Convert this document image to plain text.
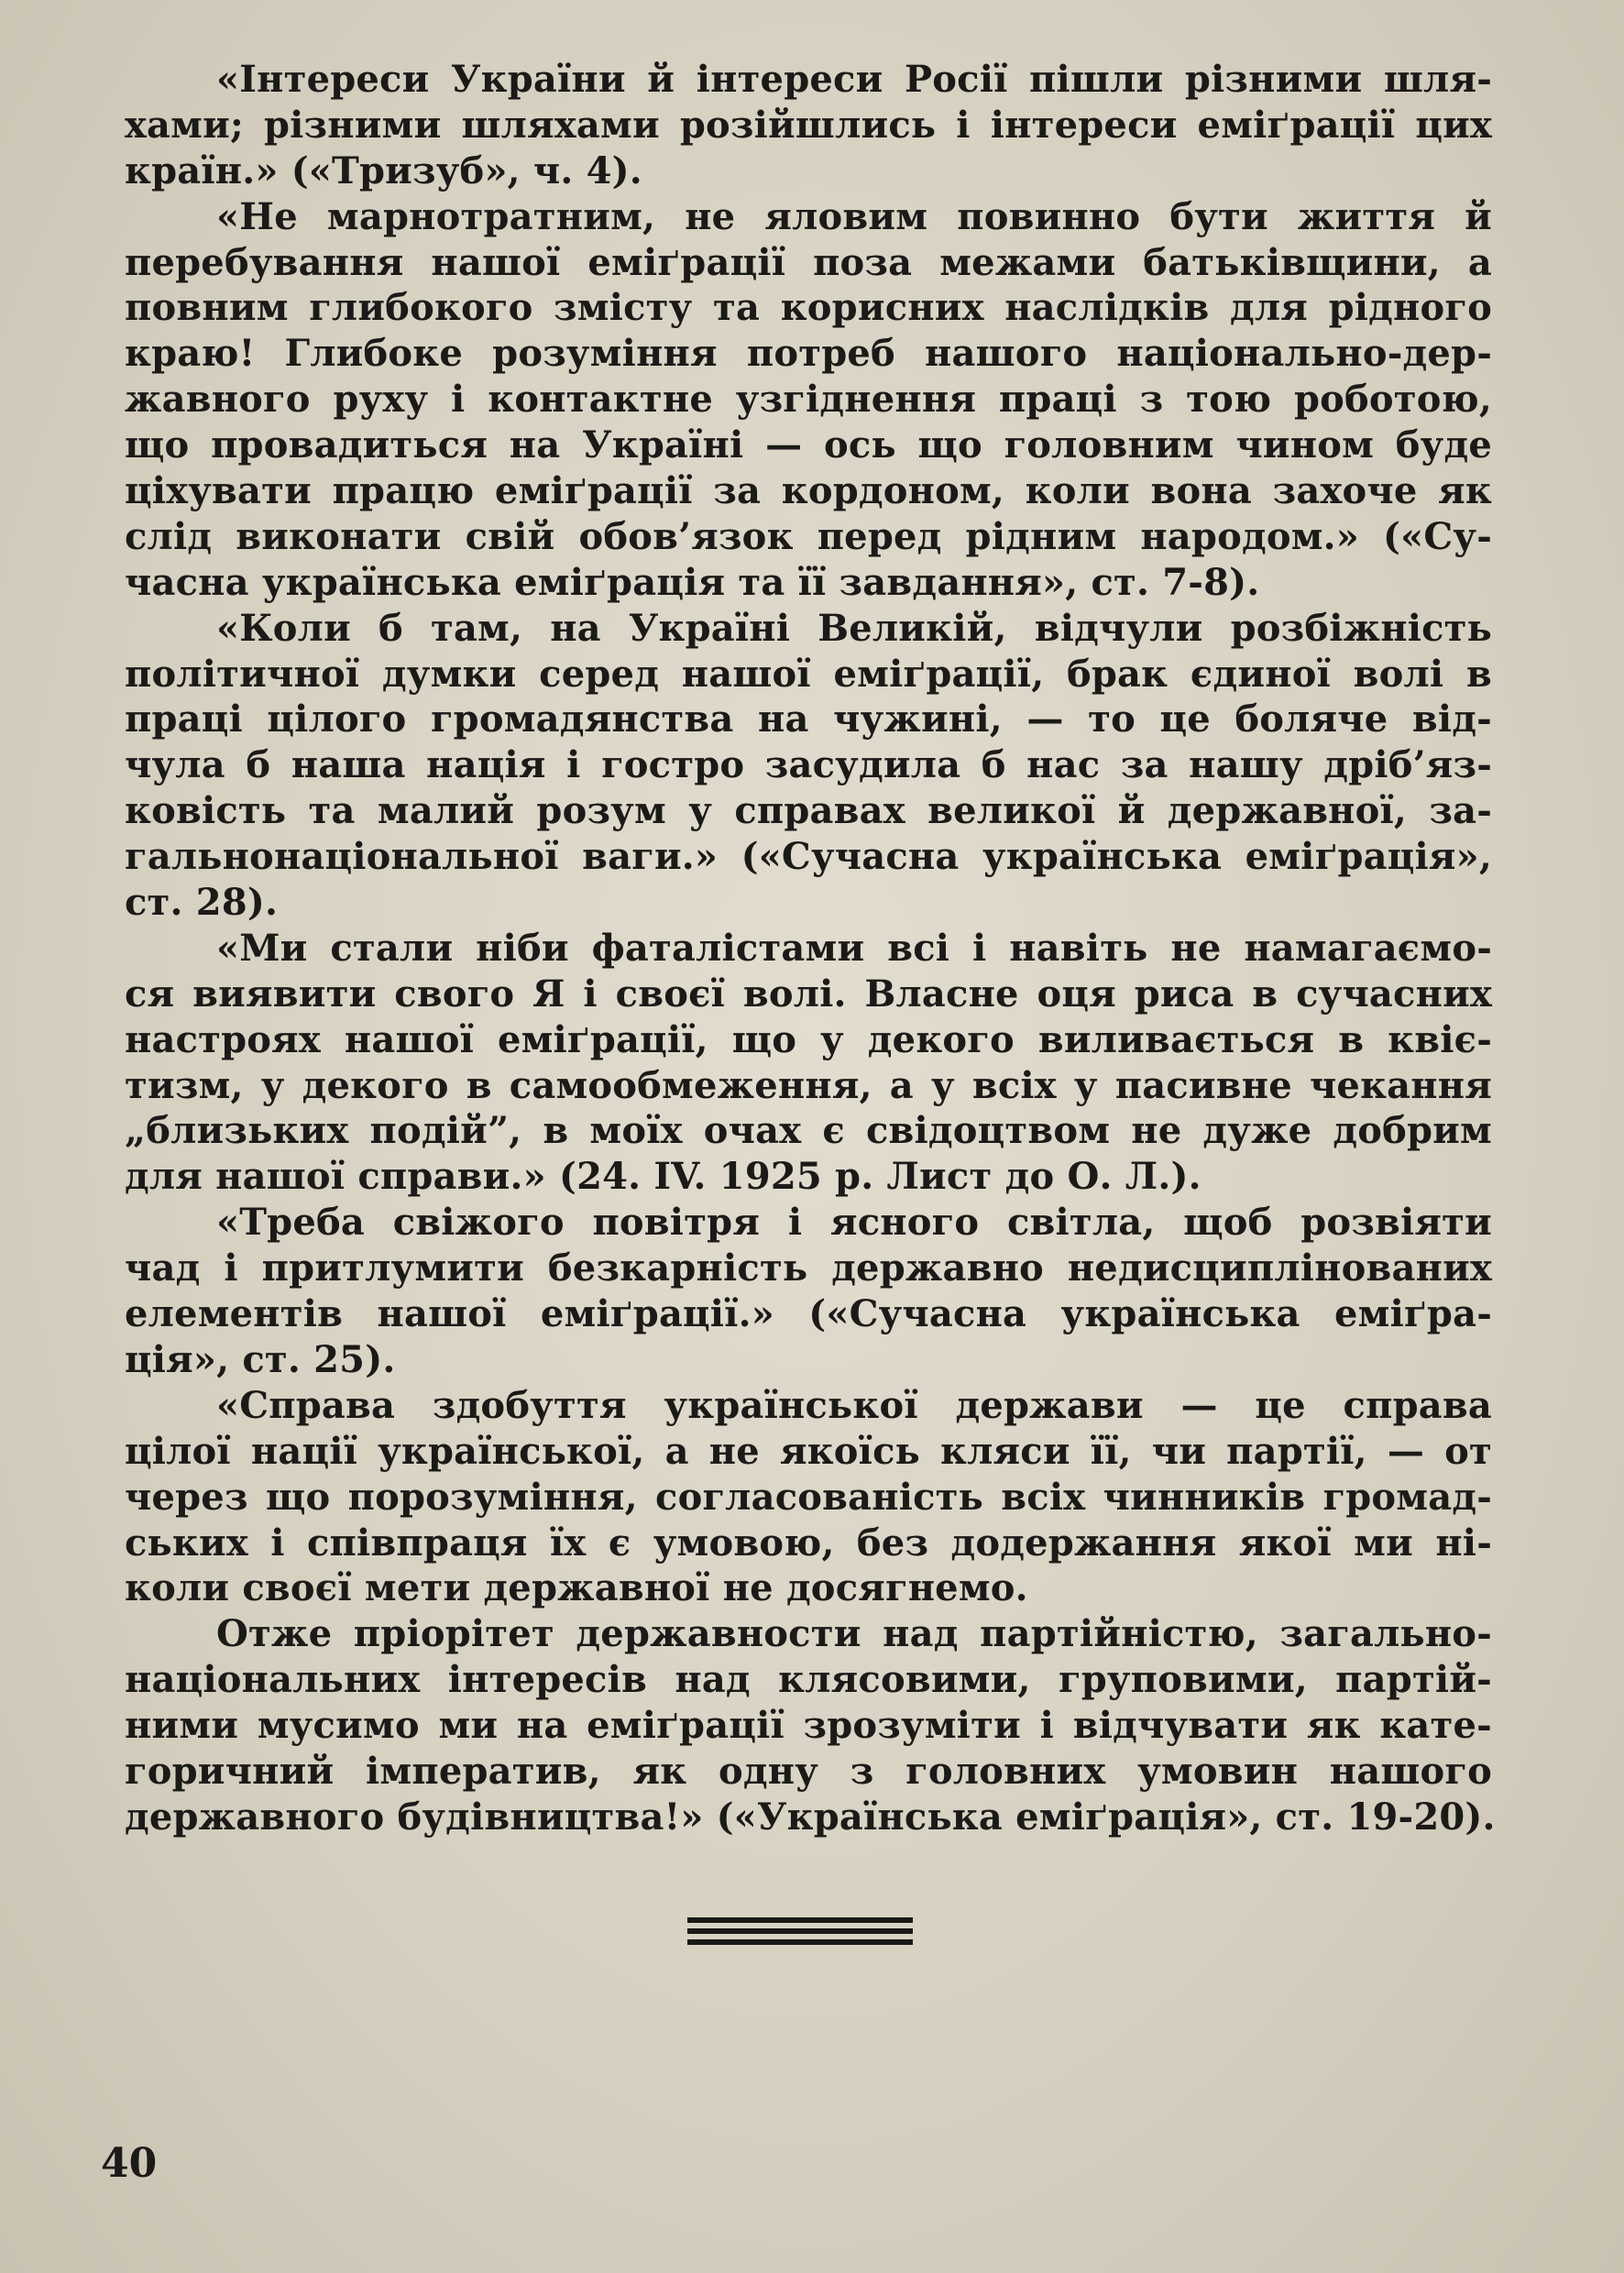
«Інтереси України й інтереси Росії пішли різними шля-
хами; різними шляхами розійшлись і інтереси еміґрації цих
країн.» («Тризуб», ч. 4).
«Не марнотратним, не яловим повинно бути життя й
перебування нашої еміґрації поза межами батьківщини, а
повним глибокого змісту та корисних наслідків для рідного
краю! Глибоке розуміння потреб нашого національно-дер-
жавного руху і контактне узгіднення праці з тою роботою,
що провадиться на Україні — ось що головним чином буде
ціхувати працю еміґрації за кордоном, коли вона захоче як
слід виконати свій обов’язок перед рідним народом.» («Су-
часна українська еміґрація та її завдання», ст. 7-8).
«Коли б там, на Україні Великій, відчули розбіжність
політичної думки серед нашої еміґрації, брак єдиної волі в
праці цілого громадянства на чужині, — то це боляче від-
чула б наша нація і гостро засудила б нас за нашу дріб’яз-
ковість та малий розум у справах великої й державної, за-
гальнонаціональної ваги.» («Сучасна українська еміґрація»,
ст. 28).
«Ми стали ніби фаталістами всі і навіть не намагаємо-
ся виявити свого Я і своєї волі. Власне оця риса в сучасних
настроях нашої еміґрації, що у декого виливається в квіє-
тизм, у декого в самообмеження, а у всіх у пасивне чекання
„близьких подій”, в моїх очах є свідоцтвом не дуже добрим
для нашої справи.» (24. IV. 1925 р. Лист до О. Л.).
«Треба свіжого повітря і ясного світла, щоб розвіяти
чад і притлумити безкарність державно недисциплінованих
елементів нашої еміґрації.» («Сучасна українська еміґра-
ція», ст. 25).
«Справа здобуття української держави — це справа
цілої нації української, а не якоїсь кляси її, чи партії, — от
через що порозуміння, согласованість всіх чинників громад-
ських і співпраця їх є умовою, без додержання якої ми ні-
коли своєї мети державної не досягнемо.
Отже пріорітет державности над партійністю, загально-
національних інтересів над клясовими, груповими, партій-
ними мусимо ми на еміґрації зрозуміти і відчувати як кате-
горичний імператив, як одну з головних умовин нашого
державного будівництва!» («Українська еміґрація», ст. 19-20).
40
